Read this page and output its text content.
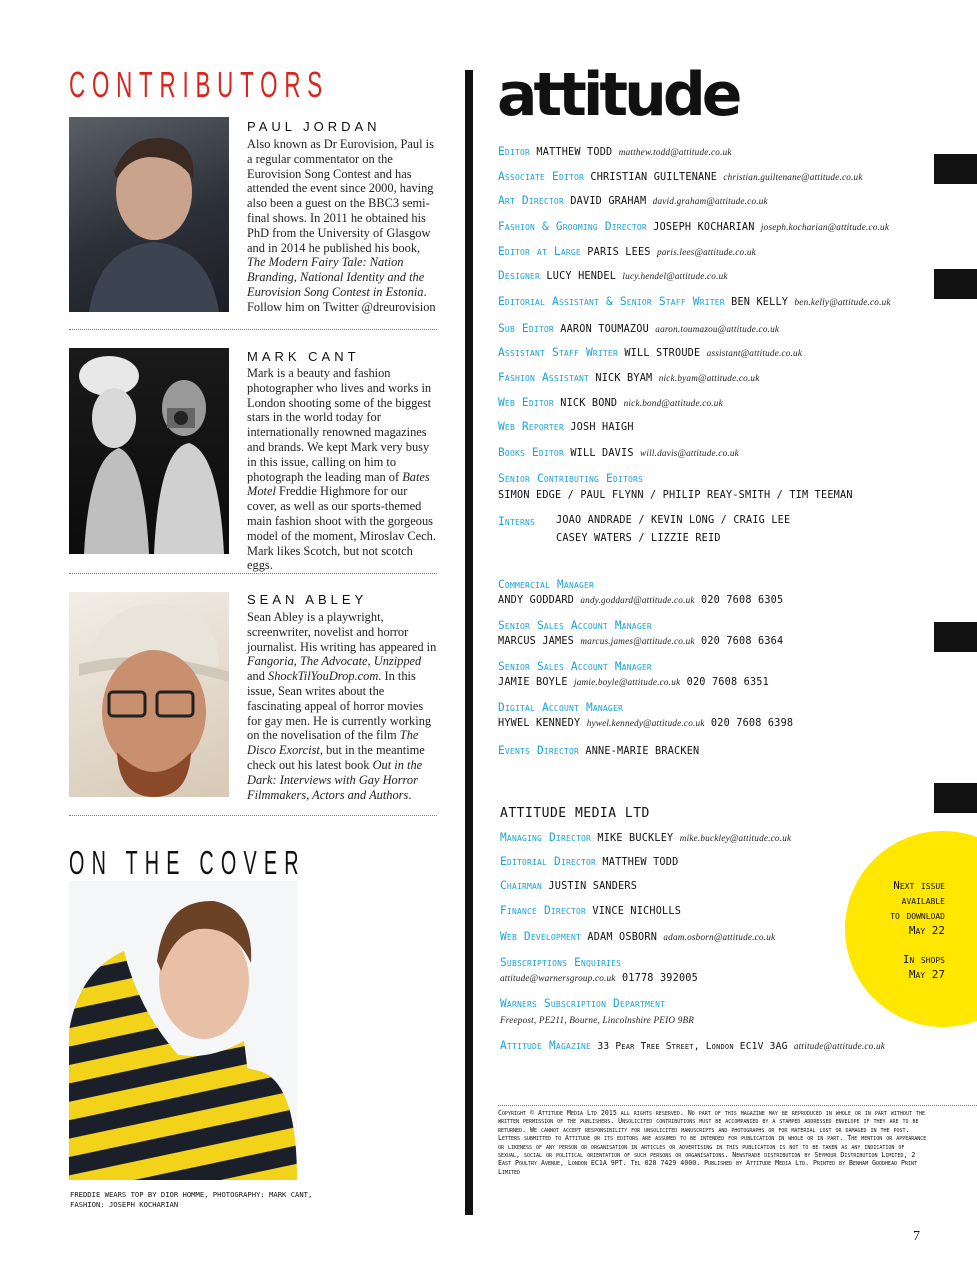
CONTRIBUTORS
PAUL JORDAN
Also known as Dr Eurovision, Paul is a regular commentator on the Eurovision Song Contest and has attended the event since 2000, having also been a guest on the BBC3 semi-final shows. In 2011 he obtained his PhD from the University of Glasgow and in 2014 he published his book, The Modern Fairy Tale: Nation Branding, National Identity and the Eurovision Song Contest in Estonia. Follow him on Twitter @dreurovision
MARK CANT
Mark is a beauty and fashion photographer who lives and works in London shooting some of the biggest stars in the world today for internationally renowned magazines and brands. We kept Mark very busy in this issue, calling on him to photograph the leading man of Bates Motel Freddie Highmore for our cover, as well as our sports-themed main fashion shoot with the gorgeous model of the moment, Miroslav Cech. Mark likes Scotch, but not scotch eggs.
SEAN ABLEY
Sean Abley is a playwright, screenwriter, novelist and horror journalist. His writing has appeared in Fangoria, The Advocate, Unzipped and ShockTilYouDrop.com. In this issue, Sean writes about the fascinating appeal of horror movies for gay men. He is currently working on the novelisation of the film The Disco Exorcist, but in the meantime check out his latest book Out in the Dark: Interviews with Gay Horror Filmmakers, Actors and Authors.
ON THE COVER
FREDDIE WEARS TOP BY DIOR HOMME, PHOTOGRAPHY: MARK CANT,
FASHION: JOSEPH KOCHARIAN
attitude
Editor MATTHEW TODD matthew.todd@attitude.co.uk
Associate Editor CHRISTIAN GUILTENANE christian.guiltenane@attitude.co.uk
Art Director DAVID GRAHAM david.graham@attitude.co.uk
Fashion & Grooming Director JOSEPH KOCHARIAN joseph.kocharian@attitude.co.uk
Editor at Large PARIS LEES paris.lees@attitude.co.uk
Designer LUCY HENDEL lucy.hendel@attitude.co.uk
Editorial Assistant & Senior Staff Writer BEN KELLY ben.kelly@attitude.co.uk
Sub Editor AARON TOUMAZOU aaron.toumazou@attitude.co.uk
Assistant Staff Writer WILL STROUDE assistant@attitude.co.uk
Fashion Assistant NICK BYAM nick.byam@attitude.co.uk
Web Editor NICK BOND nick.bond@attitude.co.uk
Web Reporter JOSH HAIGH
Books Editor WILL DAVIS will.davis@attitude.co.uk
Senior Contributing Editors
SIMON EDGE / PAUL FLYNN / PHILIP REAY-SMITH / TIM TEEMAN
Interns JOAO ANDRADE / KEVIN LONG / CRAIG LEE
CASEY WATERS / LIZZIE REID
Commercial Manager
ANDY GODDARD andy.goddard@attitude.co.uk 020 7608 6305
Senior Sales Account Manager
MARCUS JAMES marcus.james@attitude.co.uk 020 7608 6364
Senior Sales Account Manager
JAMIE BOYLE jamie.boyle@attitude.co.uk 020 7608 6351
Digital Account Manager
HYWEL KENNEDY hywel.kennedy@attitude.co.uk 020 7608 6398
Events Director ANNE-MARIE BRACKEN
ATTITUDE MEDIA LTD
Managing Director MIKE BUCKLEY mike.buckley@attitude.co.uk
Editorial Director MATTHEW TODD
Chairman JUSTIN SANDERS
Finance Director VINCE NICHOLLS
Web Development ADAM OSBORN adam.osborn@attitude.co.uk
Subscriptions Enquiries
attitude@warnersgroup.co.uk 01778 392005
Warners Subscription Department
Freepost, PE211, Bourne, Lincolnshire PEIO 9BR
Attitude Magazine 33 Pear Tree Street, London EC1V 3AG attitude@attitude.co.uk
Next issue
available
to download
May 22
In shops
May 27
Copyright © Attitude Media Ltd 2015 all rights reserved. No part of this magazine may be reproduced in whole or in part without the written permission of the publishers. Unsolicited contributions must be accompanied by a stamped addressed envelope if they are to be returned. We cannot accept responsibility for unsolicited manuscripts and photographs or for material lost or damaged in the post. Letters submitted to Attitude or its editors are assumed to be intended for publication in whole or in part. The mention or appearance or likeness of any person or organisation in articles or advertising in this publication is not to be taken as any indication of sexual, social or political orientation of such persons or organisations. Newstrade distribution by Seymour Distribution Limited, 2 East Poultry Avenue, London EC1A 9PT. Tel 020 7429 4000. Published by Attitude Media Ltd. Printed by Benham Goodhead Print Limited
7
